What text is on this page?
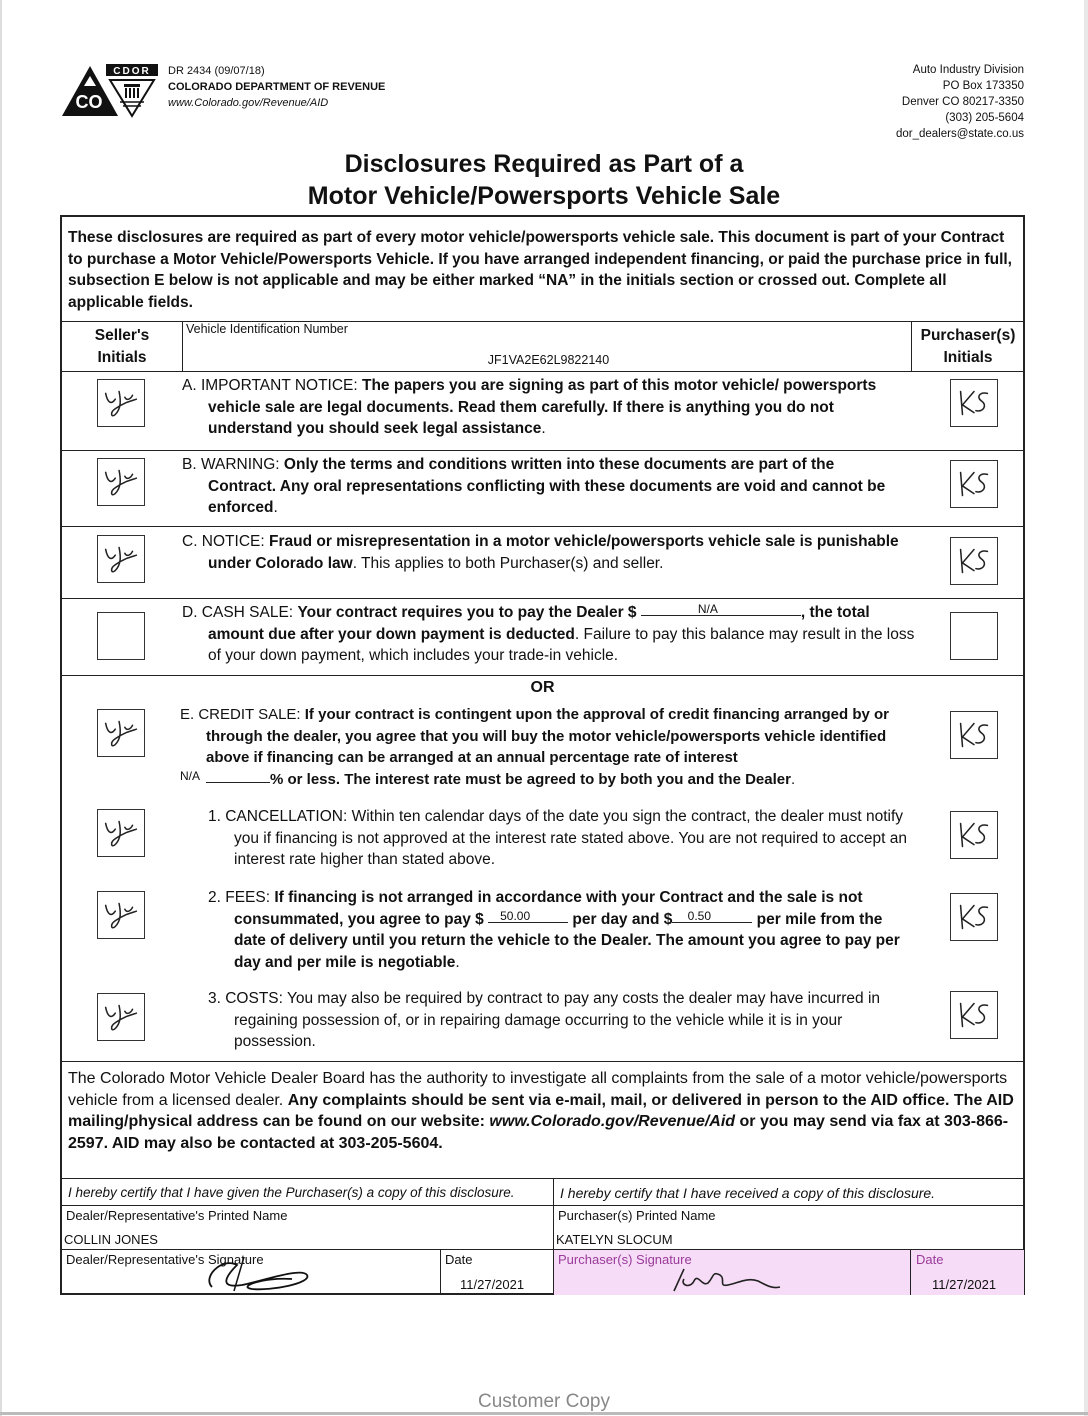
CO
CDOR DR 2434 (09/07/18)
COLORADO DEPARTMENT OF REVENUE
www.Colorado.gov/Revenue/AID
Auto Industry Division
PO Box 173350
Denver CO 80217-3350
(303) 205-5604
dor_dealers@state.co.us
Disclosures Required as Part of a
Motor Vehicle/Powersports Vehicle Sale
These disclosures are required as part of every motor vehicle/powersports vehicle sale. This document is part of your Contract to purchase a Motor Vehicle/Powersports Vehicle. If you have arranged independent financing, or paid the purchase price in full, subsection E below is not applicable and may be either marked “NA” in the initials section or crossed out. Complete all applicable fields.
Seller's
Initials
Vehicle Identification Number
JF1VA2E62L9822140
Purchaser(s)
Initials
A. IMPORTANT NOTICE: The papers you are signing as part of this motor vehicle/ powersports vehicle sale are legal documents. Read them carefully. If there is anything you do not understand you should seek legal assistance.
B. WARNING: Only the terms and conditions written into these documents are part of the Contract. Any oral representations conflicting with these documents are void and cannot be enforced.
C. NOTICE: Fraud or misrepresentation in a motor vehicle/powersports vehicle sale is punishable under Colorado law. This applies to both Purchaser(s) and seller.
D. CASH SALE: Your contract requires you to pay the Dealer $	N/A	, the total amount due after your down payment is deducted. Failure to pay this balance may result in the loss of your down payment, which includes your trade-in vehicle.
OR
E. CREDIT SALE: If your contract is contingent upon the approval of credit financing arranged by or through the dealer, you agree that you will buy the motor vehicle/powersports vehicle identified above if financing can be arranged at an annual percentage rate of interest
N/A	% or less. The interest rate must be agreed to by both you and the Dealer.
1. CANCELLATION: Within ten calendar days of the date you sign the contract, the dealer must notify you if financing is not approved at the interest rate stated above. You are not required to accept an interest rate higher than stated above.
2. FEES: If financing is not arranged in accordance with your Contract and the sale is not consummated, you agree to pay $ 50.00	per day and $ 0.50	per mile from the date of delivery until you return the vehicle to the Dealer. The amount you agree to pay per day and per mile is negotiable.
3. COSTS: You may also be required by contract to pay any costs the dealer may have incurred in regaining possession of, or in repairing damage occurring to the vehicle while it is in your possession.
The Colorado Motor Vehicle Dealer Board has the authority to investigate all complaints from the sale of a motor vehicle/powersports vehicle from a licensed dealer. Any complaints should be sent via e-mail, mail, or delivered in person to the AID office. The AID mailing/physical address can be found on our website: www.Colorado.gov/Revenue/Aid or you may send via fax at 303-866-2597. AID may also be contacted at 303-205-5604.
I hereby certify that I have given the Purchaser(s) a copy of this disclosure.	I hereby certify that I have received a copy of this disclosure.
Dealer/Representative's Printed Name
COLLIN JONES
Purchaser(s) Printed Name
KATELYN SLOCUM
Dealer/Representative's Signature	Date
11/27/2021
Purchaser(s) Signature	Date
11/27/2021
Customer Copy
